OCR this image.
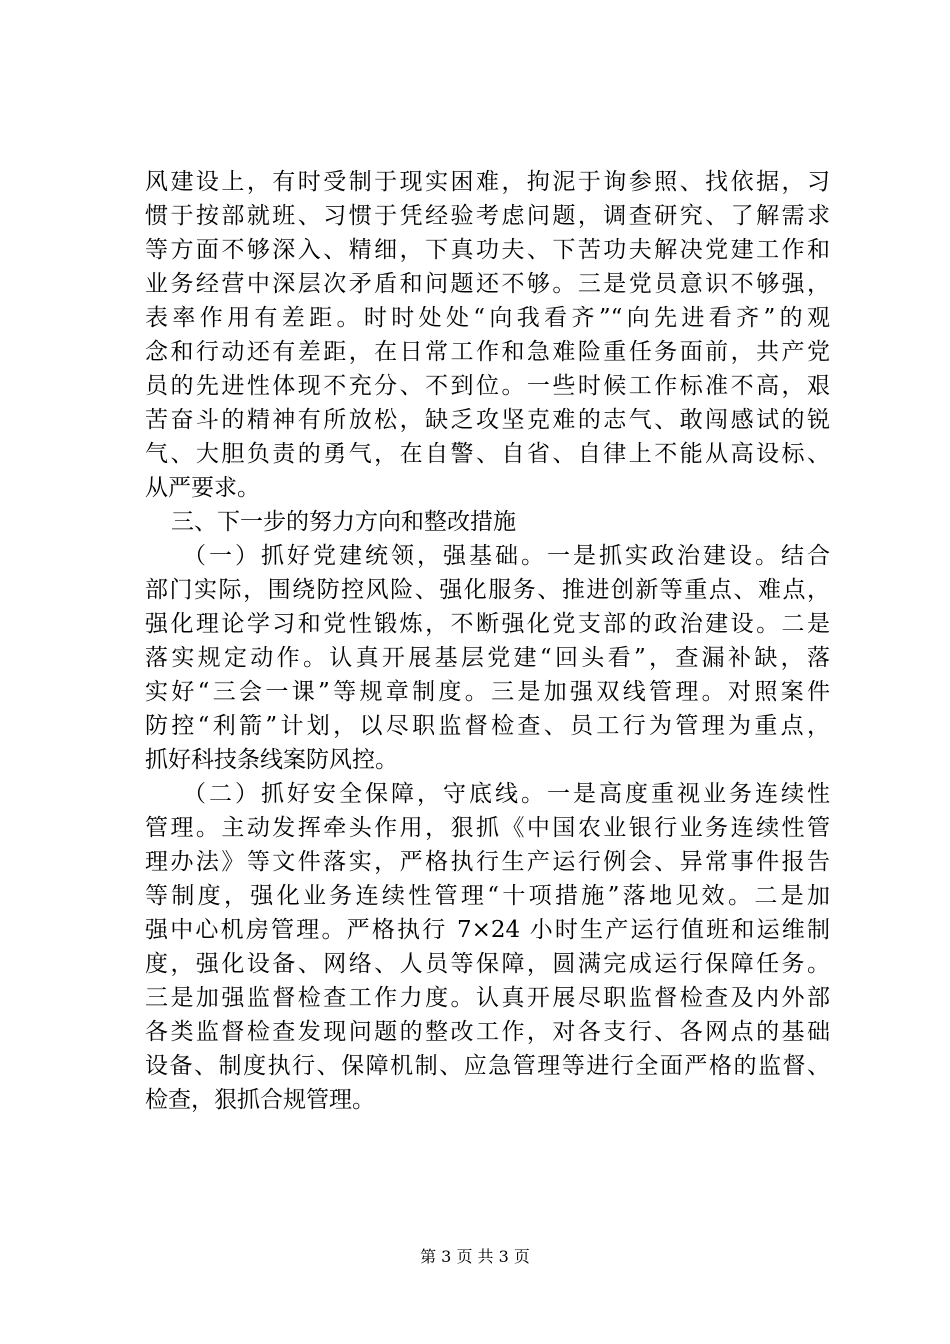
风建设上，有时受制于现实困难，拘泥于询参照、找依据，习
惯于按部就班、习惯于凭经验考虑问题，调查研究、了解需求
等方面不够深入、精细，下真功夫、下苦功夫解决党建工作和
业务经营中深层次矛盾和问题还不够。三是党员意识不够强，
表率作用有差距。时时处处“向我看齐”“向先进看齐”的观
念和行动还有差距，在日常工作和急难险重任务面前，共产党
员的先进性体现不充分、不到位。一些时候工作标准不高，艰
苦奋斗的精神有所放松，缺乏攻坚克难的志气、敢闯感试的锐
气、大胆负责的勇气，在自警、自省、自律上不能从高设标、
从严要求。
三、下一步的努力方向和整改措施
（一）抓好党建统领，强基础。一是抓实政治建设。结合
部门实际，围绕防控风险、强化服务、推进创新等重点、难点，
强化理论学习和党性锻炼，不断强化党支部的政治建设。二是
落实规定动作。认真开展基层党建“回头看”，查漏补缺，落
实好“三会一课”等规章制度。三是加强双线管理。对照案件
防控“利箭”计划，以尽职监督检查、员工行为管理为重点，
抓好科技条线案防风控。
（二）抓好安全保障，守底线。一是高度重视业务连续性
管理。主动发挥牵头作用，狠抓《中国农业银行业务连续性管
理办法》等文件落实，严格执行生产运行例会、异常事件报告
等制度，强化业务连续性管理“十项措施”落地见效。二是加
强中心机房管理。严格执行 7×24 小时生产运行值班和运维制
度，强化设备、网络、人员等保障，圆满完成运行保障任务。
三是加强监督检查工作力度。认真开展尽职监督检查及内外部
各类监督检查发现问题的整改工作，对各支行、各网点的基础
设备、制度执行、保障机制、应急管理等进行全面严格的监督、
检查，狠抓合规管理。
第 3 页 共 3 页
